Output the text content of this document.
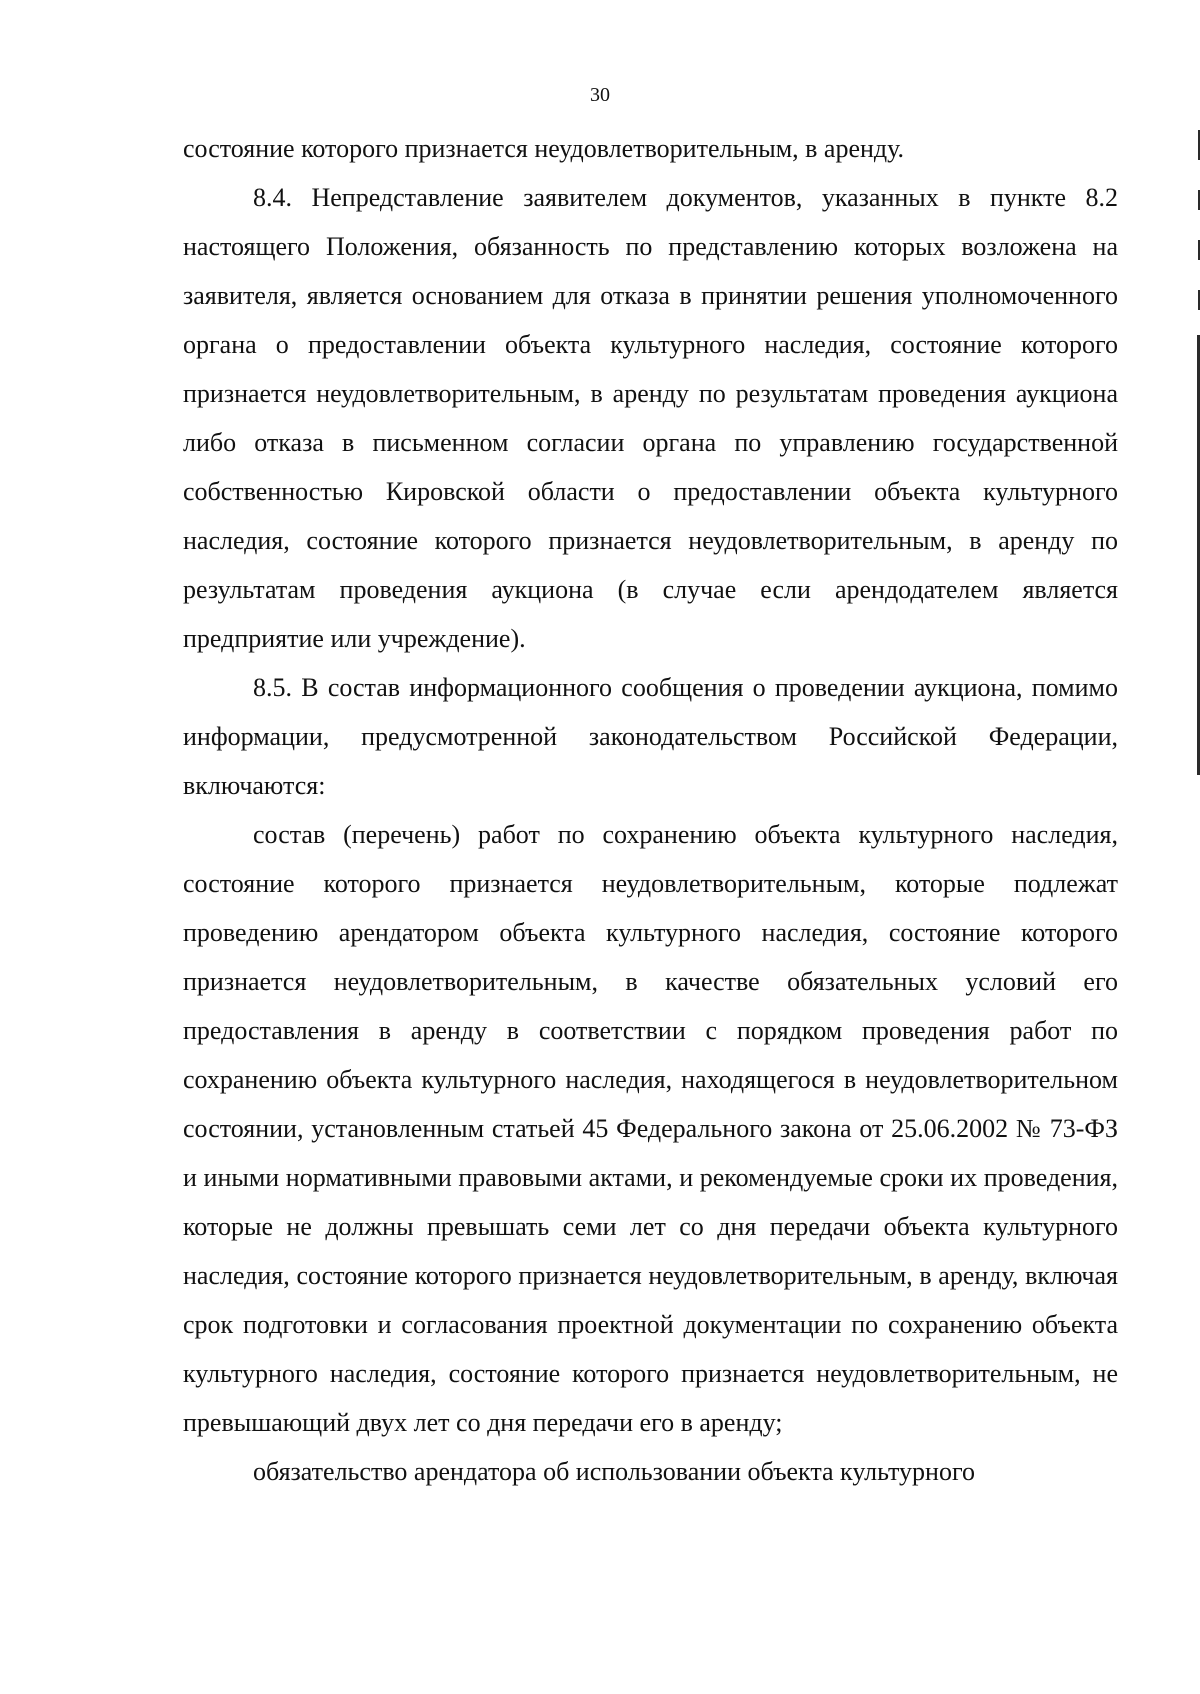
30

состояние которого признается неудовлетворительным, в аренду.

8.4. Непредставление заявителем документов, указанных в пункте 8.2 настоящего Положения, обязанность по представлению которых возложена на заявителя, является основанием для отказа в принятии решения уполномоченного органа о предоставлении объекта культурного наследия, состояние которого признается неудовлетворительным, в аренду по результатам проведения аукциона либо отказа в письменном согласии органа по управлению государственной собственностью Кировской области о предоставлении объекта культурного наследия, состояние которого признается неудовлетворительным, в аренду по результатам проведения аукциона (в случае если арендодателем является предприятие или учреждение).

8.5. В состав информационного сообщения о проведении аукциона, помимо информации, предусмотренной законодательством Российской Федерации, включаются:

состав (перечень) работ по сохранению объекта культурного наследия, состояние которого признается неудовлетворительным, которые подлежат проведению арендатором объекта культурного наследия, состояние которого признается неудовлетворительным, в качестве обязательных условий его предоставления в аренду в соответствии с порядком проведения работ по сохранению объекта культурного наследия, находящегося в неудовлетворительном состоянии, установленным статьей 45 Федерального закона от 25.06.2002 № 73-ФЗ и иными нормативными правовыми актами, и рекомендуемые сроки их проведения, которые не должны превышать семи лет со дня передачи объекта культурного наследия, состояние которого признается неудовлетворительным, в аренду, включая срок подготовки и согласования проектной документации по сохранению объекта культурного наследия, состояние которого признается неудовлетворительным, не превышающий двух лет со дня передачи его в аренду;

обязательство арендатора об использовании объекта культурного
